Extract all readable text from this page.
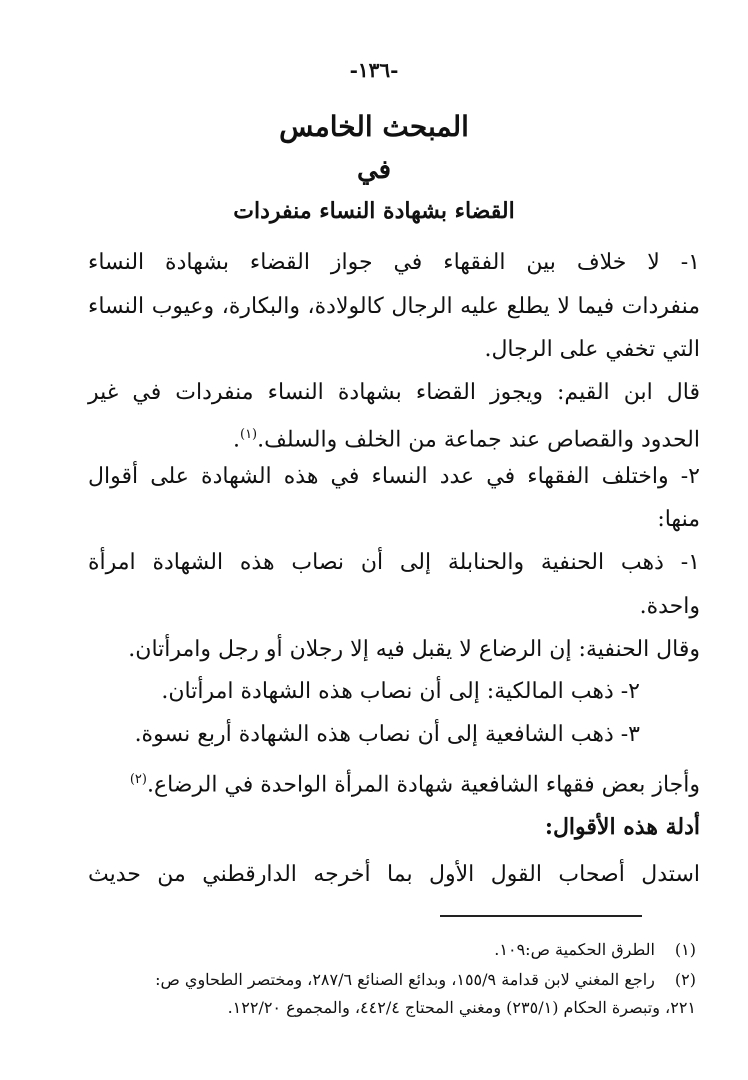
-١٣٦-
المبحث الخامس
في
القضاء بشهادة النساء منفردات
١- لا خلاف بين الفقهاء في جواز القضاء بشهادة النساء
منفردات فيما لا يطلع عليه الرجال كالولادة، والبكارة، وعيوب النساء
التي تخفي على الرجال.
قال ابن القيم: ويجوز القضاء بشهادة النساء منفردات في غير
الحدود والقصاص عند جماعة من الخلف والسلف.$^{(١)}$.
٢- واختلف الفقهاء في عدد النساء في هذه الشهادة على أقوال
منها:
١- ذهب الحنفية والحنابلة إلى أن نصاب هذه الشهادة امرأة
واحدة.
وقال الحنفية: إن الرضاع لا يقبل فيه إلا رجلان أو رجل وامرأتان.
٢- ذهب المالكية: إلى أن نصاب هذه الشهادة امرأتان.
٣- ذهب الشافعية إلى أن نصاب هذه الشهادة أربع نسوة.
وأجاز بعض فقهاء الشافعية شهادة المرأة الواحدة في الرضاع.$^{(٢)}$
أدلة هذه الأقوال:
استدل أصحاب القول الأول بما أخرجه الدارقطني من حديث
(١) الطرق الحكمية ص:١٠٩.
(٢) راجع المغني لابن قدامة ١٥٥/٩، وبدائع الصنائع ٢٨٧/٦، ومختصر الطحاوي ص:
٢٢١، وتبصرة الحكام (٢٣٥/١) ومغني المحتاج ٤٤٢/٤، والمجموع ١٢٢/٢٠.
